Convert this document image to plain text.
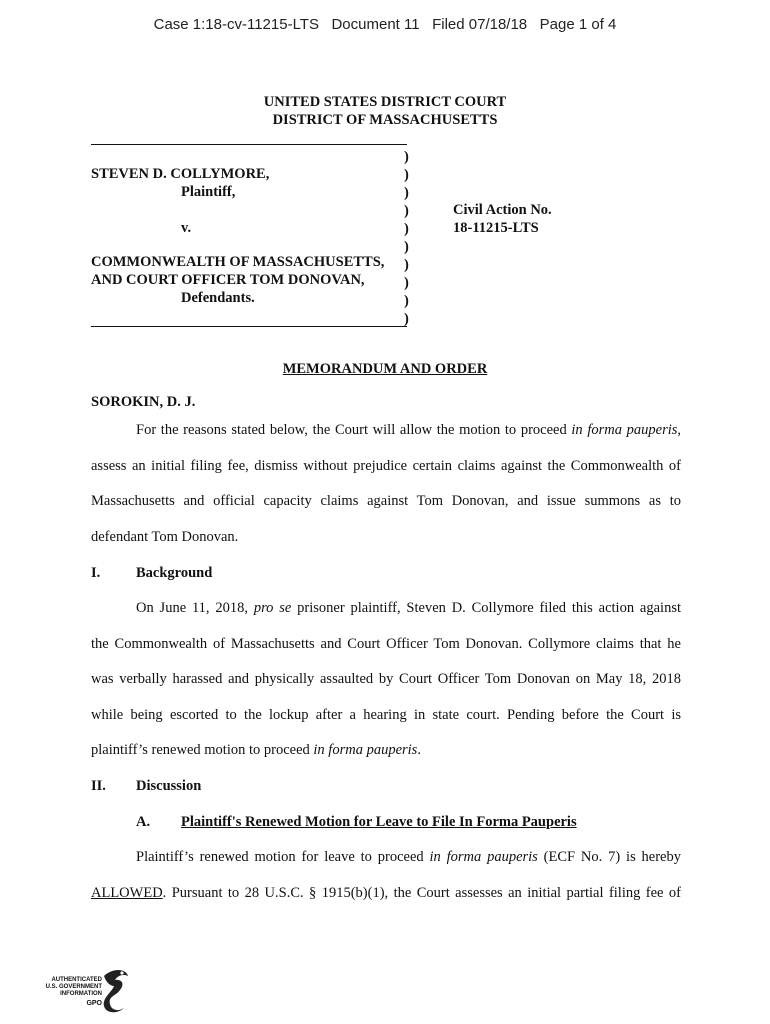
Case 1:18-cv-11215-LTS   Document 11   Filed 07/18/18   Page 1 of 4
UNITED STATES DISTRICT COURT
DISTRICT OF MASSACHUSETTS
)
)
)
)
)
)
)
)
)
)
STEVEN D. COLLYMORE,
Plaintiff,
v.
COMMONWEALTH OF MASSACHUSETTS,
AND COURT OFFICER TOM DONOVAN,
Defendants.
Civil Action No.
18-11215-LTS
MEMORANDUM AND ORDER
SOROKIN, D. J.
For the reasons stated below, the Court will allow the motion to proceed in forma pauperis,
assess an initial filing fee, dismiss without prejudice certain claims against the Commonwealth of
Massachusetts and official capacity claims against Tom Donovan, and issue summons as to
defendant Tom Donovan.
I. Background
On June 11, 2018, pro se prisoner plaintiff, Steven D. Collymore filed this action against
the Commonwealth of Massachusetts and Court Officer Tom Donovan. Collymore claims that he
was verbally harassed and physically assaulted by Court Officer Tom Donovan on May 18, 2018
while being escorted to the lockup after a hearing in state court. Pending before the Court is
plaintiff’s renewed motion to proceed in forma pauperis.
II. Discussion
A. Plaintiff's Renewed Motion for Leave to File In Forma Pauperis
Plaintiff’s renewed motion for leave to proceed in forma pauperis (ECF No. 7) is hereby
ALLOWED. Pursuant to 28 U.S.C. § 1915(b)(1), the Court assesses an initial partial filing fee of
AUTHENTICATED
U.S. GOVERNMENT
INFORMATION
GPO
